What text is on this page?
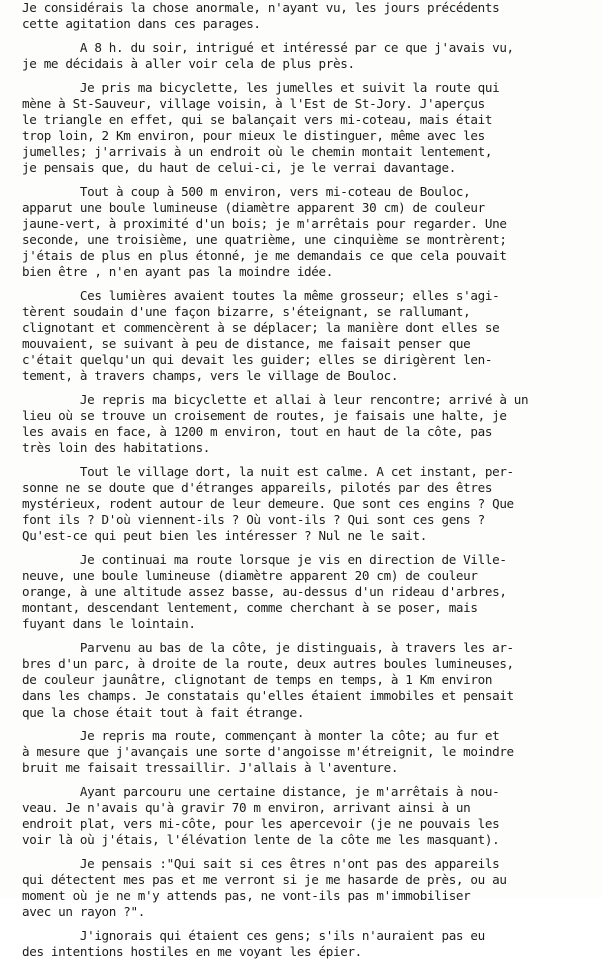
Je considérais la chose anormale, n'ayant vu, les jours précédents
cette agitation dans ces parages.
A 8 h. du soir, intrigué et intéressé par ce que j'avais vu,
je me décidais à aller voir cela de plus près.
Je pris ma bicyclette, les jumelles et suivit la route qui
mène à St-Sauveur, village voisin, à l'Est de St-Jory. J'aperçus
le triangle en effet, qui se balançait vers mi-coteau, mais était
trop loin, 2 Km environ, pour mieux le distinguer, même avec les
jumelles; j'arrivais à un endroit où le chemin montait lentement,
je pensais que, du haut de celui-ci, je le verrai davantage.
Tout à coup à 500 m environ, vers mi-coteau de Bouloc,
apparut une boule lumineuse (diamètre apparent 30 cm) de couleur
jaune-vert, à proximité d'un bois; je m'arrêtais pour regarder. Une
seconde, une troisième, une quatrième, une cinquième se montrèrent;
j'étais de plus en plus étonné, je me demandais ce que cela pouvait
bien être , n'en ayant pas la moindre idée.
Ces lumières avaient toutes la même grosseur; elles s'agi-
tèrent soudain d'une façon bizarre, s'éteignant, se rallumant,
clignotant et commencèrent à se déplacer; la manière dont elles se
mouvaient, se suivant à peu de distance, me faisait penser que
c'était quelqu'un qui devait les guider; elles se dirigèrent len-
tement, à travers champs, vers le village de Bouloc.
Je repris ma bicyclette et allai à leur rencontre; arrivé à un
lieu où se trouve un croisement de routes, je faisais une halte, je
les avais en face, à 1200 m environ, tout en haut de la côte, pas
très loin des habitations.
Tout le village dort, la nuit est calme. A cet instant, per-
sonne ne se doute que d'étranges appareils, pilotés par des êtres
mystérieux, rodent autour de leur demeure. Que sont ces engins ? Que
font ils ? D'où viennent-ils ? Où vont-ils ? Qui sont ces gens ?
Qu'est-ce qui peut bien les intéresser ? Nul ne le sait.
Je continuai ma route lorsque je vis en direction de Ville-
neuve, une boule lumineuse (diamètre apparent 20 cm) de couleur
orange, à une altitude assez basse, au-dessus d'un rideau d'arbres,
montant, descendant lentement, comme cherchant à se poser, mais
fuyant dans le lointain.
Parvenu au bas de la côte, je distinguais, à travers les ar-
bres d'un parc, à droite de la route, deux autres boules lumineuses,
de couleur jaunâtre, clignotant de temps en temps, à 1 Km environ
dans les champs. Je constatais qu'elles étaient immobiles et pensait
que la chose était tout à fait étrange.
Je repris ma route, commençant à monter la côte; au fur et
à mesure que j'avançais une sorte d'angoisse m'étreignit, le moindre
bruit me faisait tressaillir. J'allais à l'aventure.
Ayant parcouru une certaine distance, je m'arrêtais à nou-
veau. Je n'avais qu'à gravir 70 m environ, arrivant ainsi à un
endroit plat, vers mi-côte, pour les apercevoir (je ne pouvais les
voir là où j'étais, l'élévation lente de la côte me les masquant).
Je pensais :"Qui sait si ces êtres n'ont pas des appareils
qui détectent mes pas et me verront si je me hasarde de près, ou au
moment où je ne m'y attends pas, ne vont-ils pas m'immobiliser
avec un rayon ?".
J'ignorais qui étaient ces gens; s'ils n'auraient pas eu
des intentions hostiles en me voyant les épier.
